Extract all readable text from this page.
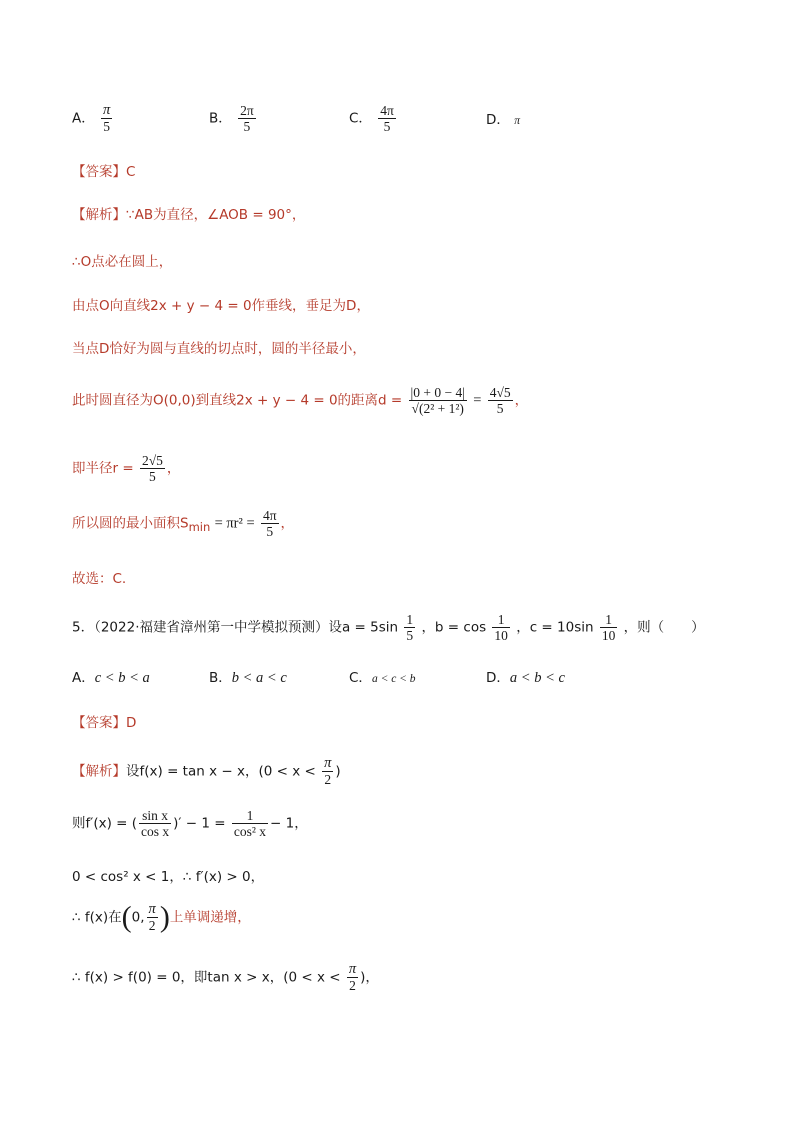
A． $\frac{\pi}{5}$	B． $\frac{2\pi}{5}$	C． $\frac{4\pi}{5}$	D． π
【答案】C
【解析】∵AB为直径，∠AOB = 90°，
∴O点必在圆上，
由点O向直线2x + y − 4 = 0作垂线，垂足为D，
当点D恰好为圆与直线的切点时，圆的半径最小，
此时圆直径为O(0,0)到直线2x + y − 4 = 0的距离$d = \frac{|0 + 0 - 4|}{\text{√(2² + 1²)}} = \frac{4√5}{5}$ ，
即半径$r = \frac{2√5}{5}$ ，
所以圆的最小面积$S_{min} = \pi r^2 = \frac{4\pi}{5}$ ，
故选：C.
5．（2022·福建省漳州第一中学模拟预测）设$a = 5\sin \frac{1}{5}$ ，$b = \cos \frac{1}{10}$ ，$c = 10\sin \frac{1}{10}$ ，则（　　）
A．c < b < a	B．b < a < c	C．a < c < b	D．a < b < c
【答案】D
【解析】设f(x) = tan x − x，($0 < x < \frac{\pi}{2}$ )
则f′(x) = ( $\frac{\text{sin x}}{\text{cos x}}$ )′ − $1 = \frac{1}{\text{cos² x}} - 1$，
0 < cos² x < 1，∴ f′(x) > 0，
∴ f(x)在(0, $\frac{\pi}{2}$ )上单调递增，
∴ f(x) > f(0) = 0，即tan x > x，($0 < x < \frac{\pi}{2}$ )，
